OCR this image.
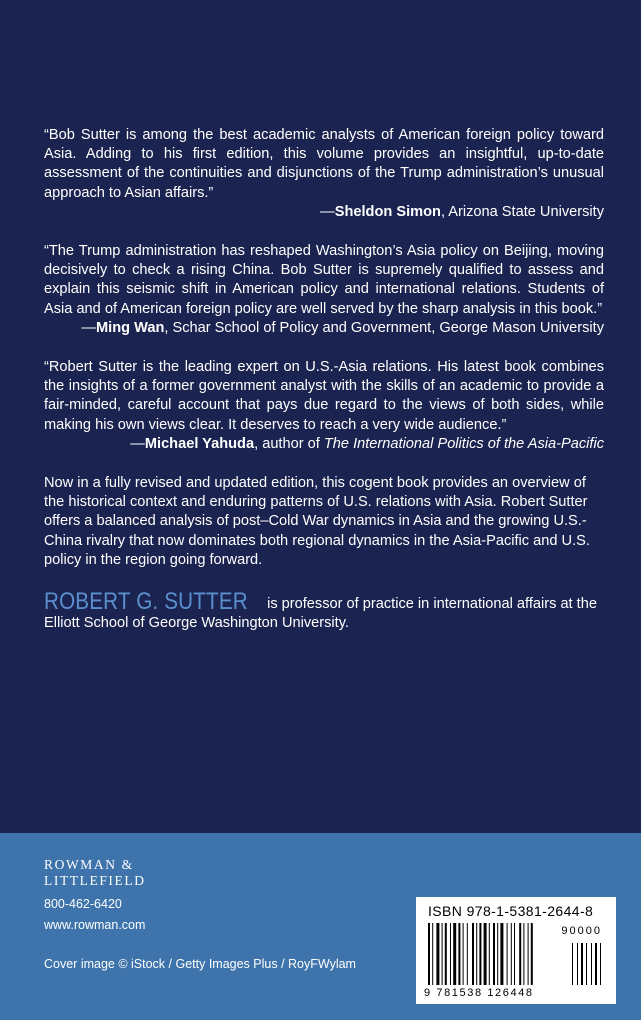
“Bob Sutter is among the best academic analysts of American foreign policy toward Asia. Adding to his first edition, this volume provides an insightful, up-to-date assessment of the continuities and disjunctions of the Trump administration’s unusual approach to Asian affairs.”

—Sheldon Simon, Arizona State University

“The Trump administration has reshaped Washington’s Asia policy on Beijing, moving decisively to check a rising China. Bob Sutter is supremely qualified to assess and explain this seismic shift in American policy and international relations. Students of Asia and of American foreign policy are well served by the sharp analysis in this book.”

—Ming Wan, Schar School of Policy and Government, George Mason University

“Robert Sutter is the leading expert on U.S.-Asia relations. His latest book combines the insights of a former government analyst with the skills of an academic to provide a fair-minded, careful account that pays due regard to the views of both sides, while making his own views clear. It deserves to reach a very wide audience.”

—Michael Yahuda, author of The International Politics of the Asia-Pacific

Now in a fully revised and updated edition, this cogent book provides an overview of the historical context and enduring patterns of U.S. relations with Asia. Robert Sutter offers a balanced analysis of post–Cold War dynamics in Asia and the growing U.S.-China rivalry that now dominates both regional dynamics in the Asia-Pacific and U.S. policy in the region going forward.

ROBERT G. SUTTER is professor of practice in international affairs at the Elliott School of George Washington University.

ROWMAN &
LITTLEFIELD
800-462-6420
www.rowman.com
Cover image © iStock / Getty Images Plus / RoyFWylam
ISBN 978-1-5381-2644-8
90000
9 781538 126448
